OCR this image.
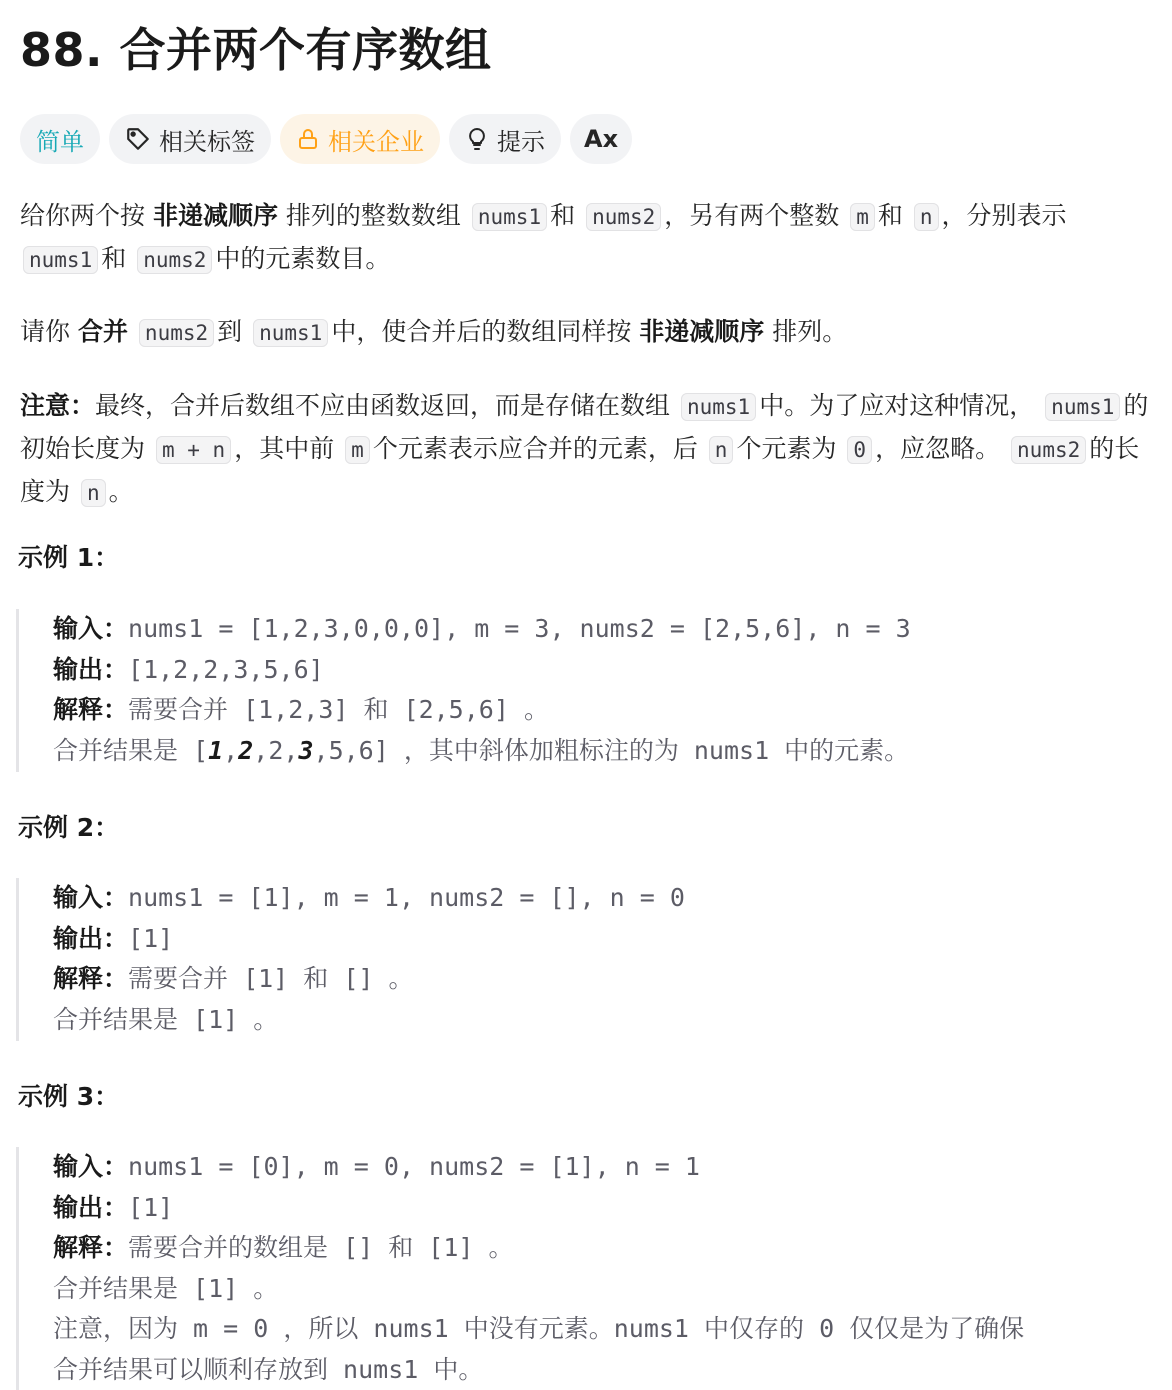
88. 合并两个有序数组
简单	相关标签	相关企业	提示 Ax
给你两个按 非递减顺序 排列的整数数组 nums1 和 nums2 ，另有两个整数 m 和 n ，分别表示 nums1 和 nums2 中的元素数目。
请你 合并 nums2 到 nums1 中，使合并后的数组同样按 非递减顺序 排列。
注意：最终，合并后数组不应由函数返回，而是存储在数组 nums1 中。为了应对这种情况， nums1 的初始长度为 m + n ，其中前 m 个元素表示应合并的元素，后 n 个元素为 0 ，应忽略。 nums2 的长度为 n 。
示例 1：
输入：nums1 = [1,2,3,0,0,0], m = 3, nums2 = [2,5,6], n = 3
输出：[1,2,2,3,5,6]
解释：需要合并 [1,2,3] 和 [2,5,6] 。
合并结果是 [1,2,2,3,5,6] ，其中斜体加粗标注的为 nums1 中的元素。
示例 2：
输入：nums1 = [1], m = 1, nums2 = [], n = 0
输出：[1]
解释：需要合并 [1] 和 [] 。
合并结果是 [1] 。
示例 3：
输入：nums1 = [0], m = 0, nums2 = [1], n = 1
输出：[1]
解释：需要合并的数组是 [] 和 [1] 。
合并结果是 [1] 。
注意，因为 m = 0 ，所以 nums1 中没有元素。nums1 中仅存的 0 仅仅是为了确保
合并结果可以顺利存放到 nums1 中。
